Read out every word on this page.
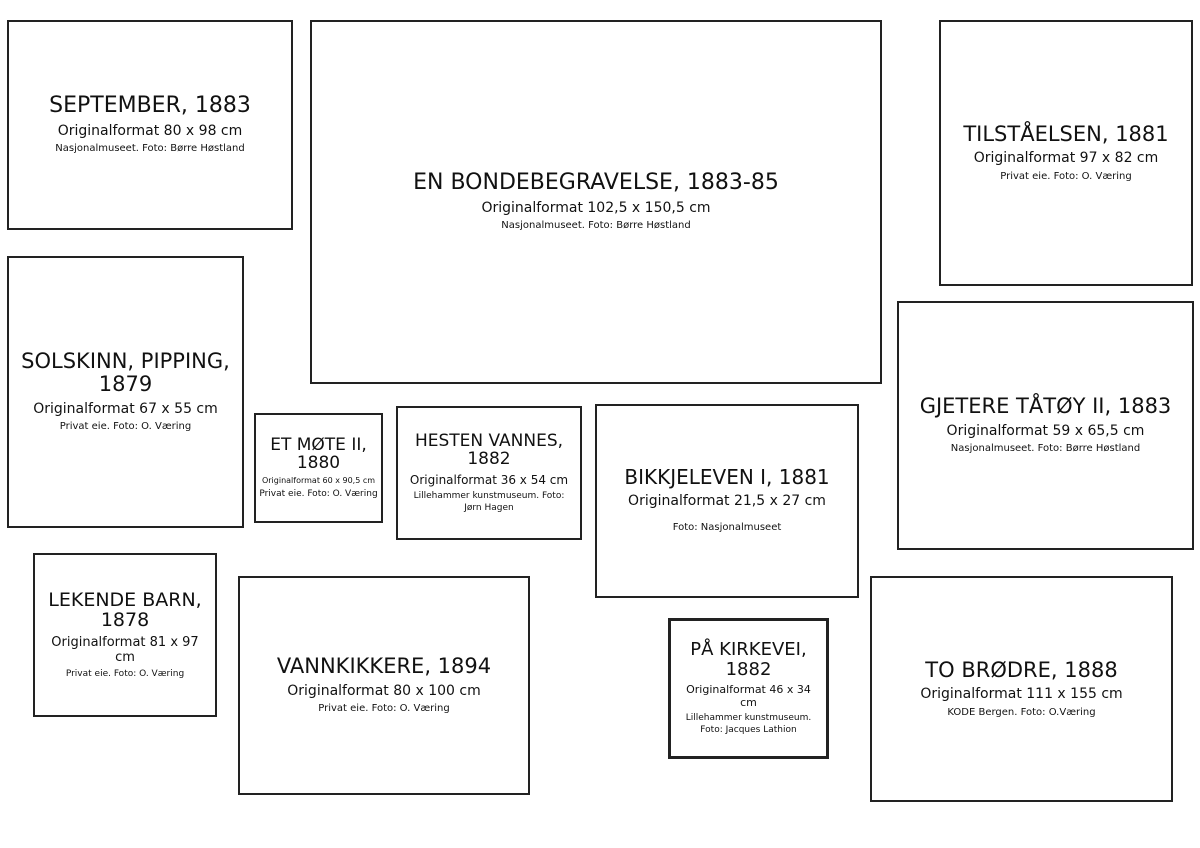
SEPTEMBER, 1883
Originalformat 80 x 98 cm
Nasjonalmuseet. Foto: Børre Høstland
EN BONDEBEGRAVELSE, 1883-85
Originalformat 102,5 x 150,5 cm
Nasjonalmuseet. Foto: Børre Høstland
TILSTÅELSEN, 1881
Originalformat 97 x 82 cm
Privat eie. Foto: O. Væring
SOLSKINN, PIPPING, 1879
Originalformat 67 x 55 cm
Privat eie. Foto: O. Væring
ET MØTE II, 1880
Originalformat 60 x 90,5 cm
Privat eie. Foto: O. Væring
HESTEN VANNES, 1882
Originalformat 36 x 54 cm
Lillehammer kunstmuseum. Foto: Jørn Hagen
BIKKJELEVEN I, 1881
Originalformat 21,5 x 27 cm
Foto: Nasjonalmuseet
GJETERE TÅTØY II, 1883
Originalformat 59 x 65,5 cm
Nasjonalmuseet. Foto: Børre Høstland
LEKENDE BARN, 1878
Originalformat 81 x 97 cm
Privat eie. Foto: O. Væring	VANNKIKKERE, 1894
Originalformat 80 x 100 cm
Privat eie. Foto: O. Væring
PÅ KIRKEVEI, 1882
Originalformat 46 x 34 cm
Lillehammer kunstmuseum. Foto: Jacques Lathion
TO BRØDRE, 1888
Originalformat 111 x 155 cm
KODE Bergen. Foto: O.Væring
